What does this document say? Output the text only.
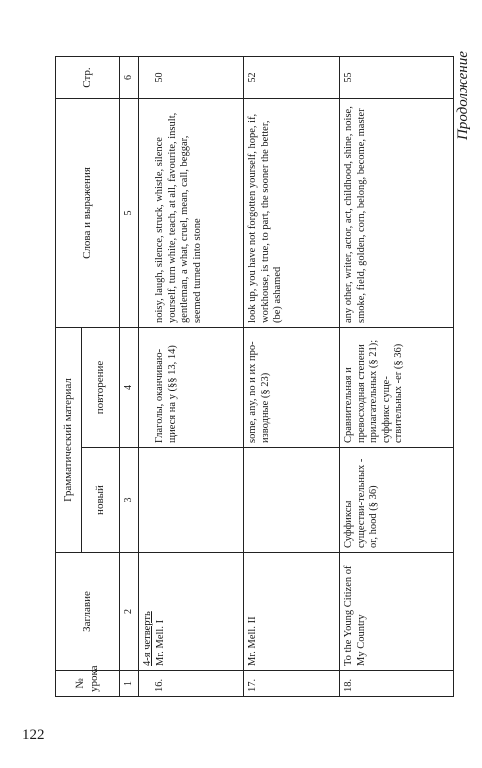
122
Продолжение
№ урока	Заглавие	Грамматический материал		Слова и выражения	Стр.
		новый	повторение		
1	2	3	4	5	6

16.	4-я четверть Mr. Mell. I		Глаголы, оканчиваю-щиеся на y (§§ 13, 14)	noisy, laugh, silence, struck, whistle, silence yourself, turn white, teach, at all, favourite, insult, gentleman, a what, cruel, mean, call, beggar, seemed turned into stone	50

17.	Mr. Mell. II		some, any, no и их про-изводные (§ 23)	look up, you have not forgotten yourself, hope, if, workhouse, is true, to part, the sooner the better, (be) ashamed	52
18.	To the Young Citizen of My Country	Суффиксы существи-тельных -or, hood (§ 36)	Сравнительная и превосходная степени прилагательных (§ 21); суффикс суще-ствительных -er (§ 36)	any other, writer, actor, act, childhood, shine, noise, smoke, field, golden, corn, belong, become, master	55
